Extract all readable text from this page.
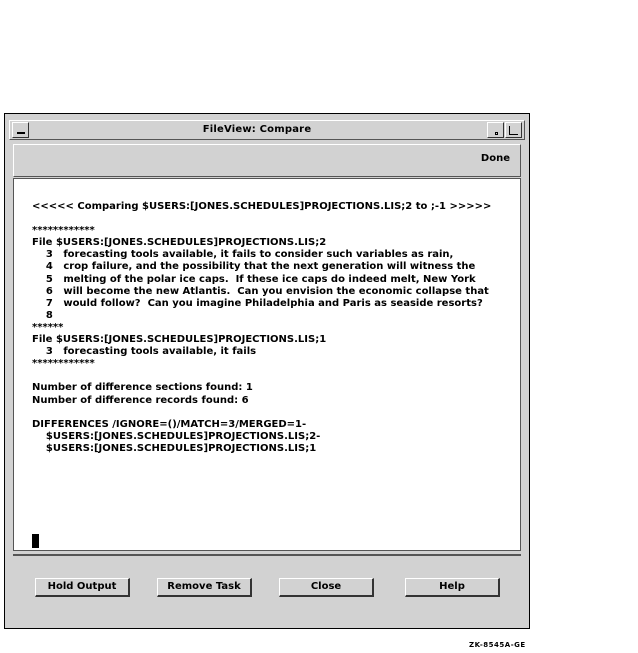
FileView: Compare
Done
<<<<< Comparing $USERS:[JONES.SCHEDULES]PROJECTIONS.LIS;2 to ;-1 >>>>>
************
File $USERS:[JONES.SCHEDULES]PROJECTIONS.LIS;2
3   forecasting tools available, it fails to consider such variables as rain,
4   crop failure, and the possibility that the next generation will witness the
5   melting of the polar ice caps.  If these ice caps do indeed melt, New York
6   will become the new Atlantis.  Can you envision the economic collapse that
7   would follow?  Can you imagine Philadelphia and Paris as seaside resorts?
8
******
File $USERS:[JONES.SCHEDULES]PROJECTIONS.LIS;1
3   forecasting tools available, it fails
************
Number of difference sections found: 1
Number of difference records found: 6
DIFFERENCES /IGNORE=()/MATCH=3/MERGED=1-
$USERS:[JONES.SCHEDULES]PROJECTIONS.LIS;2-
$USERS:[JONES.SCHEDULES]PROJECTIONS.LIS;1
Hold Output	Remove Task	Close	Help
ZK-8545A-GE
